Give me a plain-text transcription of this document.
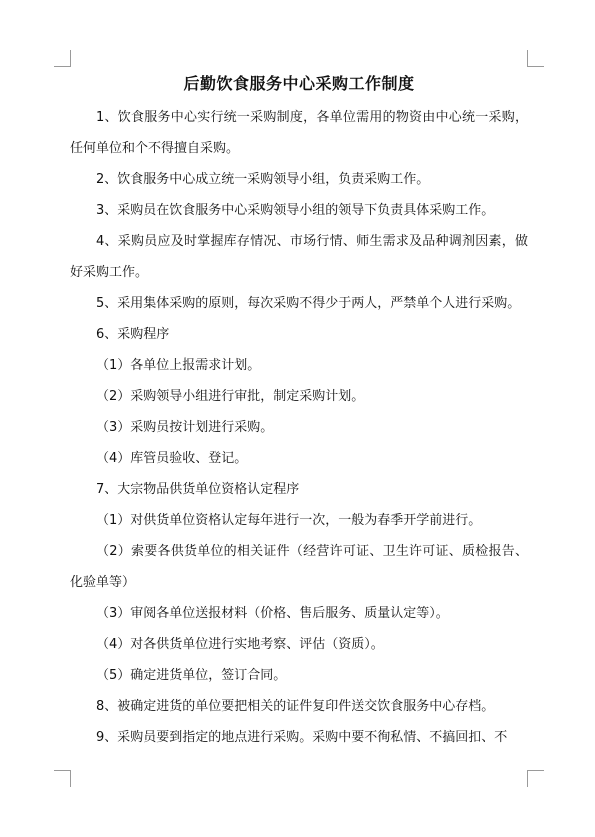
后勤饮食服务中心采购工作制度

1、饮食服务中心实行统一采购制度，各单位需用的物资由中心统一采购，任何单位和个不得擅自采购。

2、饮食服务中心成立统一采购领导小组，负责采购工作。

3、采购员在饮食服务中心采购领导小组的领导下负责具体采购工作。

4、采购员应及时掌握库存情况、市场行情、师生需求及品种调剂因素，做好采购工作。

5、采用集体采购的原则，每次采购不得少于两人，严禁单个人进行采购。

6、采购程序

（1）各单位上报需求计划。

（2）采购领导小组进行审批，制定采购计划。

（3）采购员按计划进行采购。

（4）库管员验收、登记。

7、大宗物品供货单位资格认定程序

（1）对供货单位资格认定每年进行一次，一般为春季开学前进行。

（2）索要各供货单位的相关证件（经营许可证、卫生许可证、质检报告、化验单等）

（3）审阅各单位送报材料（价格、售后服务、质量认定等）。

（4）对各供货单位进行实地考察、评估（资质）。

（5）确定进货单位，签订合同。

8、被确定进货的单位要把相关的证件复印件送交饮食服务中心存档。

9、采购员要到指定的地点进行采购。采购中要不徇私情、不搞回扣、不
